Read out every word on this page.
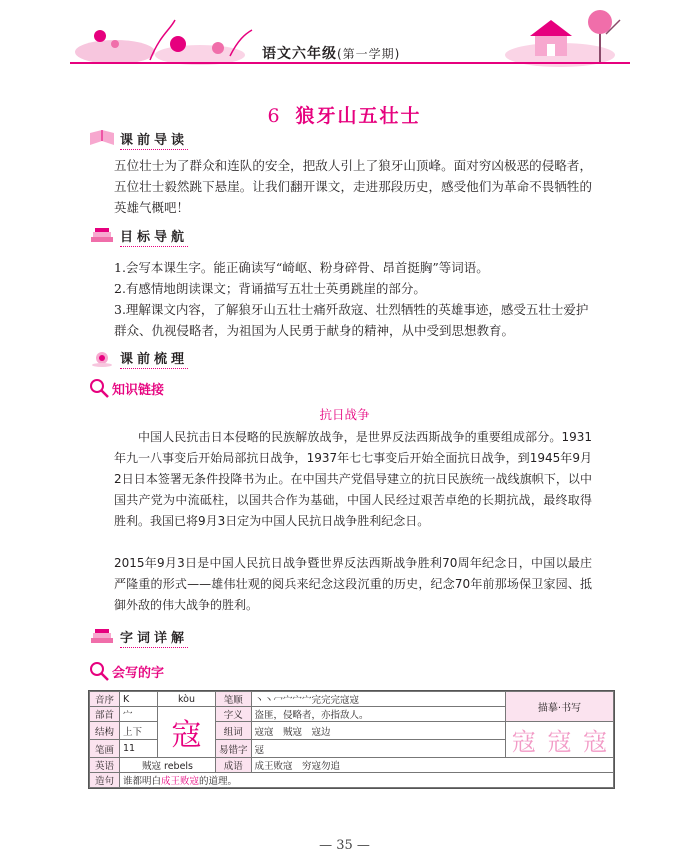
语文六年级(第一学期)
6 狼牙山五壮士
课前导读
五位壮士为了群众和连队的安全，把敌人引上了狼牙山顶峰。面对穷凶极恶的侵略者，五位壮士毅然跳下悬崖。让我们翻开课文，走进那段历史，感受他们为革命不畏牺牲的英雄气概吧！
目标导航
1.会写本课生字。能正确读写“崎岖、粉身碎骨、昂首挺胸”等词语。
2.有感情地朗读课文；背诵描写五壮士英勇跳崖的部分。
3.理解课文内容，了解狼牙山五壮士痛歼敌寇、壮烈牺牲的英雄事迹，感受五壮士爱护群众、仇视侵略者，为祖国为人民勇于献身的精神，从中受到思想教育。
课前梳理
知识链接
抗日战争
中国人民抗击日本侵略的民族解放战争，是世界反法西斯战争的重要组成部分。1931年九一八事变后开始局部抗日战争，1937年七七事变后开始全面抗日战争，到1945年9月2日日本签署无条件投降书为止。在中国共产党倡导建立的抗日民族统一战线旗帜下，以中国共产党为中流砥柱，以国共合作为基础，中国人民经过艰苦卓绝的长期抗战，最终取得胜利。我国已将9月3日定为中国人民抗日战争胜利纪念日。
2015年9月3日是中国人民抗日战争暨世界反法西斯战争胜利70周年纪念日，中国以最庄严隆重的形式——雄伟壮观的阅兵来纪念这段沉重的历史，纪念70年前那场保卫家园、抵御外敌的伟大战争的胜利。
字词详解
会写的字
音序	K	kòu	笔顺	丶丶冖宀宀宀完完完寇寇	描摹·书写
部首	宀	寇	字义	盗匪，侵略者，亦指敌人。	
结构	上下		组词	寇寇　贼寇　寇边	寇 寇 寇

笔画	11		易错字	冦	
英语	贼寇 rebels		成语	成王败寇　穷寇勿追	
造句	谁都明白成王败寇的道理。				
— 35 —
